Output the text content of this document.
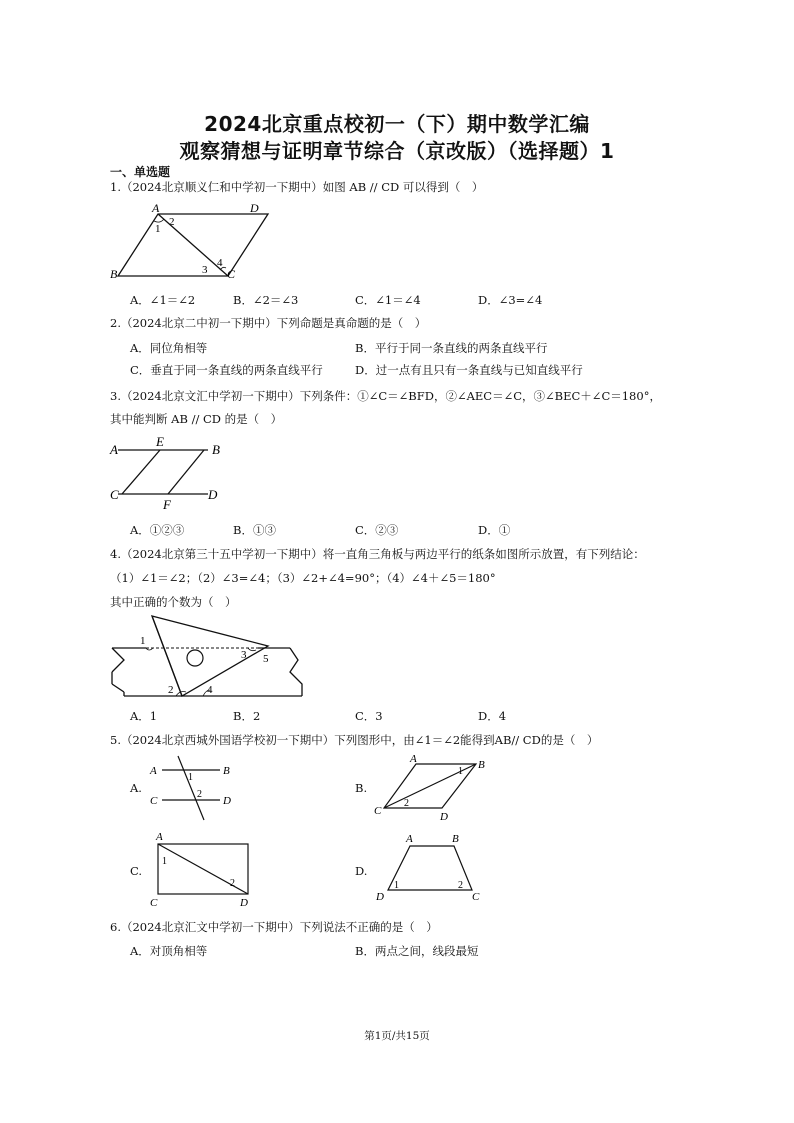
2024北京重点校初一（下）期中数学汇编
观察猜想与证明章节综合（京改版）（选择题）1
一、单选题
1.（2024北京顺义仁和中学初一下期中）如图 AB // CD 可以得到（　）
A	D
B	C
1
2
3
4
A．∠1＝∠2	B．∠2＝∠3	C．∠1＝∠4	D．∠3=∠4
2.（2024北京二中初一下期中）下列命题是真命题的是（　）
A．同位角相等	B．平行于同一条直线的两条直线平行
C．垂直于同一条直线的两条直线平行	D．过一点有且只有一条直线与已知直线平行
3.（2024北京文汇中学初一下期中）下列条件：①∠C＝∠BFD，②∠AEC＝∠C，③∠BEC＋∠C＝180°，
其中能判断 AB // CD 的是（　）
A
E
B
C
F
D
A．①②③	B．①③	C．②③	D．①
4.（2024北京第三十五中学初一下期中）将一直角三角板与两边平行的纸条如图所示放置，有下列结论：
（1）∠1＝∠2；（2）∠3=∠4；（3）∠2+∠4=90°；（4）∠4＋∠5＝180°
其中正确的个数为（　）
1
2
3
4
5
A．1	B．2	C．3	D．4
5.（2024北京西城外国语学校初一下期中）下列图形中，由∠1＝∠2能得到AB// CD的是（　）
A.
A	B
1
C
2
D
B.
A	B
1
C
2
D
C.
A
1
2
C	D
D.
A	B
D
1	2
C
6.（2024北京汇文中学初一下期中）下列说法不正确的是（　）
A．对顶角相等	B．两点之间，线段最短
第1页/共15页
